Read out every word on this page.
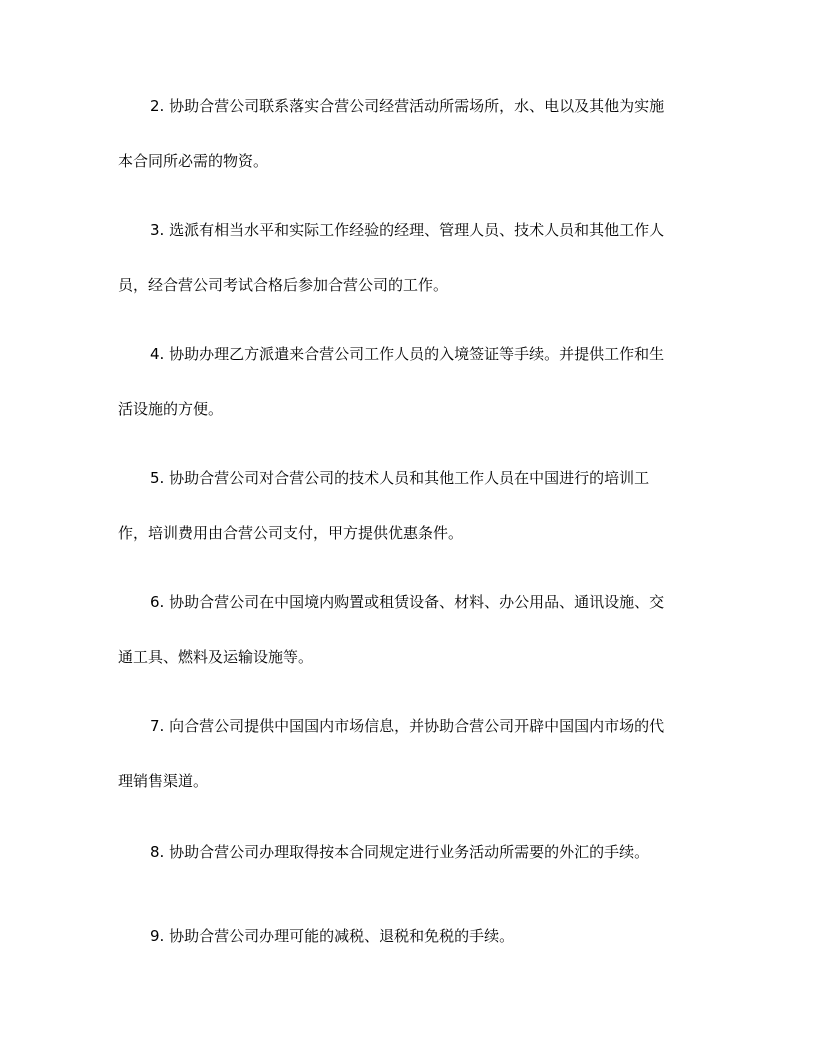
2. 协助合营公司联系落实合营公司经营活动所需场所，水、电以及其他为实施
本合同所必需的物资。

3. 选派有相当水平和实际工作经验的经理、管理人员、技术人员和其他工作人
员，经合营公司考试合格后参加合营公司的工作。

4. 协助办理乙方派遣来合营公司工作人员的入境签证等手续。并提供工作和生
活设施的方便。

5. 协助合营公司对合营公司的技术人员和其他工作人员在中国进行的培训工
作，培训费用由合营公司支付，甲方提供优惠条件。

6. 协助合营公司在中国境内购置或租赁设备、材料、办公用品、通讯设施、交
通工具、燃料及运输设施等。

7. 向合营公司提供中国国内市场信息，并协助合营公司开辟中国国内市场的代
理销售渠道。

8. 协助合营公司办理取得按本合同规定进行业务活动所需要的外汇的手续。

9. 协助合营公司办理可能的减税、退税和免税的手续。
